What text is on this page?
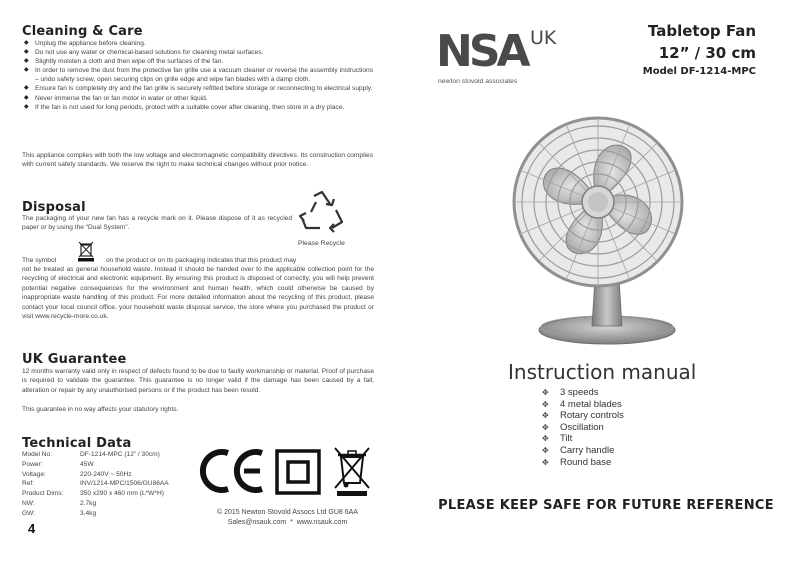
Cleaning & Care
◆ Unplug the appliance before cleaning.
◆ Do not use any water or chemical-based solutions for cleaning metal surfaces.
◆ Slightly moisten a cloth and then wipe off the surfaces of the fan.
◆ In order to remove the dust from the protective fan grille use a vacuum cleaner or reverse the assembly instructions – undo safety screw, open securing clips on grille edge and wipe fan blades with a damp cloth.
◆ Ensure fan is completely dry and the fan grille is securely refitted before storage or reconnecting to electrical supply.
◆ Never immerse the fan or fan motor in water or other liquid.
◆ If the fan is not used for long periods, protect with a suitable cover after cleaning, then store in a dry place.

This appliance complies with both the low voltage and electromagnetic compatibility directives. Its construction complies with current safety standards. We reserve the right to make technical changes without prior notice.

Disposal

The packaging of your new fan has a recycle mark on it. Please dispose of it as recycled paper or by using the “Dual System”.

Please Recycle
The symbol	on the product or on its packaging indicates that this product may

not be treated as general household waste. Instead it should be handed over to the applicable collection point for the recycling of electrical and electronic equipment. By ensuring this product is disposed of correctly, you will help prevent potential negative consequences for the environment and human health, which could otherwise be caused by inappropriate waste handling of this product. For more detailed information about the recycling of this product, please contact your local council office, your household waste disposal service, the store where you purchased the product or visit www.recycle-more.co.uk.

UK Guarantee

12 months warranty valid only in respect of defects found to be due to faulty workmanship or material. Proof of purchase is required to validate the guarantee. This guarantee is no longer valid if the damage has been caused by a fall, alteration or repair by any unauthorised persons or if the product has been resold.

This guarantee in no way affects your statutory rights.

Technical Data
Model No:	DF-1214-MPC (12” / 30cm)
Power:	45W
Voltage:	220-240V ~ 50Hz
Ref:	INV/1214-MPC/1506/GU86AA
Product Dims:	350 x290 x 460 mm (L*W*H)
NW:	2.7kg
GW:	3.4kg	© 2015 Newton Stovold Assocs Ltd GU8 6AA
Sales@nsauk.com * www.nsauk.com
4
NSA UK
newton stovold associates
Tabletop Fan
12” / 30 cm
Model DF-1214-MPC
Instruction manual
✥	3 speeds
✥	4 metal blades
✥	Rotary controls
✥	Oscillation
✥	Tilt
✥	Carry handle
✥	Round base
PLEASE KEEP SAFE FOR FUTURE REFERENCE
